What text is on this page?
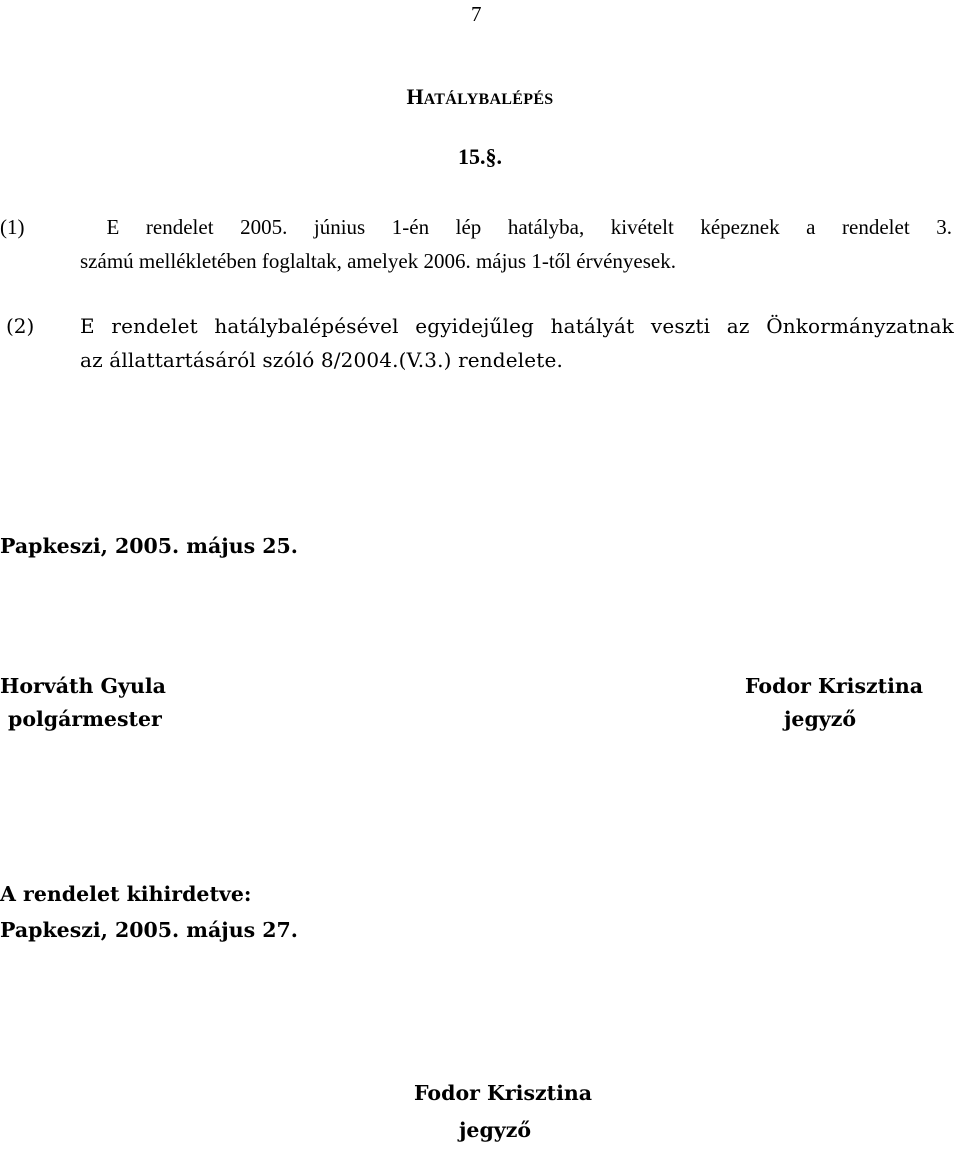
7
HATÁLYBALÉPÉS
15.§.
(1)	E rendelet 2005. június 1-én lép hatályba, kivételt képeznek a rendelet 3.
számú mellékletében foglaltak, amelyek 2006. május 1-től érvényesek.
(2)	E rendelet hatálybalépésével egyidejűleg hatályát veszti az Önkormányzatnak
az állattartásáról szóló 8/2004.(V.3.) rendelete.
Papkeszi, 2005. május 25.
Horváth Gyula
polgármester
Fodor Krisztina
jegyző
A rendelet kihirdetve:
Papkeszi, 2005. május 27.
Fodor Krisztina
jegyző
